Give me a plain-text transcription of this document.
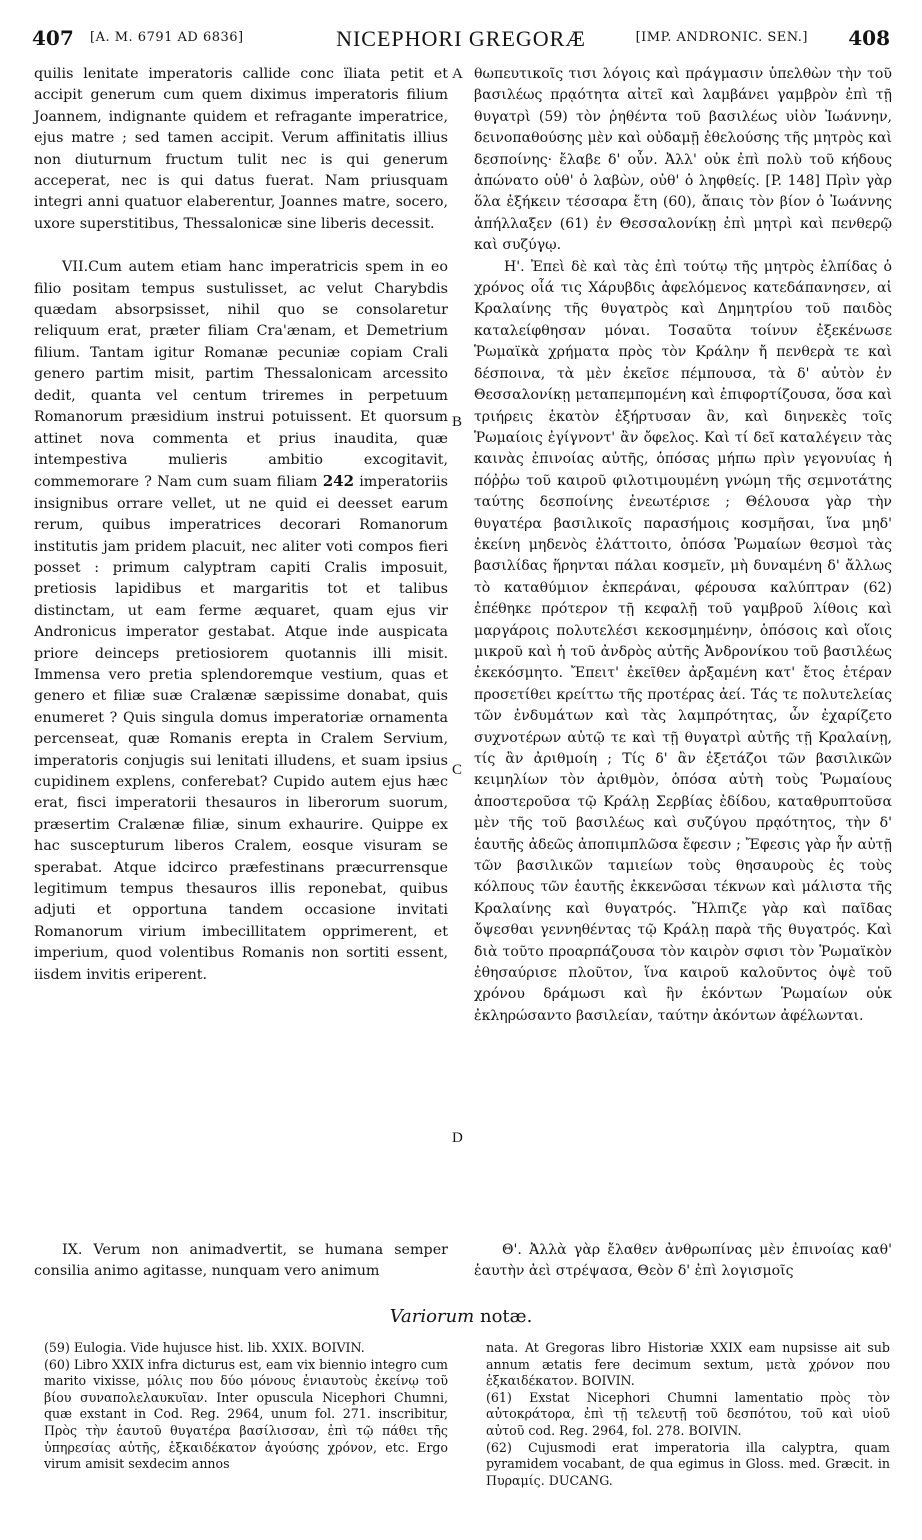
407 [A. M. 6791 AD 6836]	NICEPHORI GREGORÆ	[IMP. ANDRONIC. SEN.] 408

quilis lenitate imperatoris callide conc ïliata petit et accipit generum cum quem diximus imperatoris filium Joannem, indignante quidem et refragante imperatrice, ejus matre ; sed tamen accipit. Verum affinitatis illius non diuturnum fructum tulit nec is qui generum acceperat, nec is qui datus fuerat. Nam priusquam integri anni quatuor elaberentur, Joannes matre, socero, uxore superstitibus, Thessalonicæ sine liberis decessit.

VII.Cum autem etiam hanc imperatricis spem in eo filio positam tempus sustulisset, ac velut Charybdis quædam absorpsisset, nihil quo se consolaretur reliquum erat, præter filiam Cra'ænam, et Demetrium filium. Tantam igitur Romanæ pecuniæ copiam Crali genero partim misit, partim Thessalonicam arcessito dedit, quanta vel centum triremes in perpetuum Romanorum præsidium instrui potuissent. Et quorsum attinet nova commenta et prius inaudita, quæ intempestiva mulieris ambitio excogitavit, commemorare ? Nam cum suam filiam 242 imperatoriis insignibus orrare vellet, ut ne quid ei deesset earum rerum, quibus imperatrices decorari Romanorum institutis jam pridem placuit, nec aliter voti compos fieri posset : primum calyptram capiti Cralis imposuit, pretiosis lapidibus et margaritis tot et talibus distinctam, ut eam ferme æquaret, quam ejus vir Andronicus imperator gestabat. Atque inde auspicata priore deinceps pretiosiorem quotannis illi misit. Immensa vero pretia splendoremque vestium, quas et genero et filiæ suæ Cralænæ sæpissime donabat, quis enumeret ? Quis singula domus imperatoriæ ornamenta percenseat, quæ Romanis erepta in Cralem Servium, imperatoris conjugis sui lenitati illudens, et suam ipsius cupidinem explens, conferebat? Cupido autem ejus hæc erat, fisci imperatorii thesauros in liberorum suorum, præsertim Cralænæ filiæ, sinum exhaurire. Quippe ex hac suscepturum liberos Cralem, eosque visuram se sperabat. Atque idcirco præfestinans præcurrensque legitimum tempus thesauros illis reponebat, quibus adjuti et opportuna tandem occasione invitati Romanorum virium imbecillitatem opprimerent, et imperium, quod volentibus Romanis non sortiti essent, iisdem invitis eriperent.

A
B
C
D

θωπευτικοῖς τισι λόγοις καὶ πράγμασιν ὑπελθὼν τὴν τοῦ βασιλέως πρᾳότητα αἰτεῖ καὶ λαμβάνει γαμβρὸν ἐπὶ τῇ θυγατρὶ (59) τὸν ῥηθέντα τοῦ βασιλέως υἱὸν Ἰωάννην, δεινοπαθούσης μὲν καὶ οὐδαμῇ ἐθελούσης τῆς μητρὸς καὶ δεσποίνης· ἔλαβε δ' οὖν. Ἀλλ' οὐκ ἐπὶ πολὺ τοῦ κήδους ἀπώνατο οὐθ' ὁ λαβὼν, οὐθ' ὁ ληφθείς. [P. 148] Πρὶν γὰρ ὅλα ἐξήκειν τέσσαρα ἔτη (60), ἄπαις τὸν βίον ὁ Ἰωάννης ἀπήλλαξεν (61) ἐν Θεσσαλονίκῃ ἐπὶ μητρὶ καὶ πενθερῷ καὶ συζύγῳ.

Η'. Ἐπεὶ δὲ καὶ τὰς ἐπὶ τούτῳ τῆς μητρὸς ἐλπίδας ὁ χρόνος οἷά τις Χάρυβδις ἀφελόμενος κατεδάπανησεν, αἱ Κραλαίνης τῆς θυγατρὸς καὶ Δημητρίου τοῦ παιδὸς καταλείφθησαν μόναι. Τοσαῦτα τοίνυν ἐξεκένωσε Ῥωμαϊκὰ χρήματα πρὸς τὸν Κράλην ἤ πενθερὰ τε καὶ δέσποινα, τὰ μὲν ἐκεῖσε πέμπουσα, τὰ δ' αὐτὸν ἐν Θεσσαλονίκῃ μεταπεμπομένη καὶ ἐπιφορτίζουσα, ὅσα καὶ τριήρεις ἑκατὸν ἐξήρτυσαν ἂν, καὶ διηνεκὲς τοῖς Ῥωμαίοις ἐγίγνοντ' ἂν ὄφελος. Καὶ τί δεῖ καταλέγειν τὰς καινὰς ἐπινοίας αὐτῆς, ὁπόσας μήπω πρὶν γεγονυίας ἡ πόῤῥω τοῦ καιροῦ φιλοτιμουμένη γνώμη τῆς σεμνοτάτης ταύτης δεσποίνης ἐνεωτέρισε ; Θέλουσα γὰρ τὴν θυγατέρα βασιλικοῖς παρασήμοις κοσμῆσαι, ἵνα μηδ' ἐκείνη μηδενὸς ἐλάττοιτο, ὁπόσα Ῥωμαίων θεσμοὶ τὰς βασιλίδας ἥρηνται πάλαι κοσμεῖν, μὴ δυναμένη δ' ἄλλως τὸ καταθύμιον ἐκπεράναι, φέρουσα καλύπτραν (62) ἐπέθηκε πρότερον τῇ κεφαλῇ τοῦ γαμβροῦ λίθοις καὶ μαργάροις πολυτελέσι κεκοσμημένην, ὁπόσοις καὶ οἵοις μικροῦ καὶ ἡ τοῦ ἀνδρὸς αὐτῆς Ἀνδρονίκου τοῦ βασιλέως ἐκεκόσμητο. Ἔπειτ' ἐκεῖθεν ἀρξαμένη κατ' ἔτος ἑτέραν προσετίθει κρείττω τῆς προτέρας ἀεί. Τάς τε πολυτελείας τῶν ἐνδυμάτων καὶ τὰς λαμπρότητας, ὧν ἐχαρίζετο συχνοτέρων αὐτῷ τε καὶ τῇ θυγατρὶ αὐτῆς τῇ Κραλαίνῃ, τίς ἂν ἀριθμοίη ; Τίς δ' ἂν ἐξετάζοι τῶν βασιλικῶν κειμηλίων τὸν ἀριθμὸν, ὁπόσα αὐτὴ τοὺς Ῥωμαίους ἀποστεροῦσα τῷ Κράλῃ Σερβίας ἐδίδου, καταθρυπτοῦσα μὲν τῆς τοῦ βασιλέως καὶ συζύγου πρᾳότητος, τὴν δ' ἑαυτῆς ἀδεῶς ἀποπιμπλῶσα ἔφεσιν ; Ἔφεσις γὰρ ἦν αὐτῇ τῶν βασιλικῶν ταμιείων τοὺς θησαυροὺς ἐς τοὺς κόλπους τῶν ἑαυτῆς ἐκκενῶσαι τέκνων καὶ μάλιστα τῆς Κραλαίνης καὶ θυγατρός. Ἤλπιζε γὰρ καὶ παῖδας ὄψεσθαι γεννηθέντας τῷ Κράλῃ παρὰ τῆς θυγατρός. Καὶ διὰ τοῦτο προαρπάζουσα τὸν καιρὸν σφισι τὸν Ῥωμαϊκὸν ἐθησαύρισε πλοῦτον, ἵνα καιροῦ καλοῦντος ὀψὲ τοῦ χρόνου δράμωσι καὶ ἣν ἑκόντων Ῥωμαίων οὐκ ἐκληρώσαντο βασιλείαν, ταύτην ἀκόντων ἀφέλωνται.

IX. Verum non animadvertit, se humana semper consilia animo agitasse, nunquam vero animum

Θ'. Ἀλλὰ γὰρ ἔλαθεν ἀνθρωπίνας μὲν ἐπινοίας καθ' ἑαυτὴν ἀεὶ στρέψασα, Θεὸν δ' ἐπὶ λογισμοῖς

Variorum notæ.

(59) Eulogia. Vide hujusce hist. lib. XXIX. BOIVIN.

(60) Libro XXIX infra dicturus est, eam vix biennio integro cum marito vixisse, μόλις που δύο μόνους ἐνιαυτοὺς ἐκείνῳ τοῦ βίου συναπολελαυκυῖαν. Inter opuscula Nicephori Chumni, quæ exstant in Cod. Reg. 2964, unum fol. 271. inscribitur, Πρὸς τὴν ἑαυτοῦ θυγατέρα βασίλισσαν, ἐπὶ τῷ πάθει τῆς ὑπηρεσίας αὐτῆς, ἑξκαιδέκατον ἀγούσης χρόνον, etc. Ergo virum amisit sexdecim annos

nata. At Gregoras libro Historiæ XXIX eam nupsisse ait sub annum ætatis fere decimum sextum, μετὰ χρόνον που ἑξκαιδέκατον. BOIVIN.

(61) Exstat Nicephori Chumni lamentatio πρὸς τὸν αὐτοκράτορα, ἐπὶ τῇ τελευτῇ τοῦ δεσπότου, τοῦ καὶ υἱοῦ αὐτοῦ cod. Reg. 2964, fol. 278. BOIVIN.

(62) Cujusmodi erat imperatoria illa calyptra, quam pyramidem vocabant, de qua egimus in Gloss. med. Græcit. in Πυραμίς. DUCANG.
